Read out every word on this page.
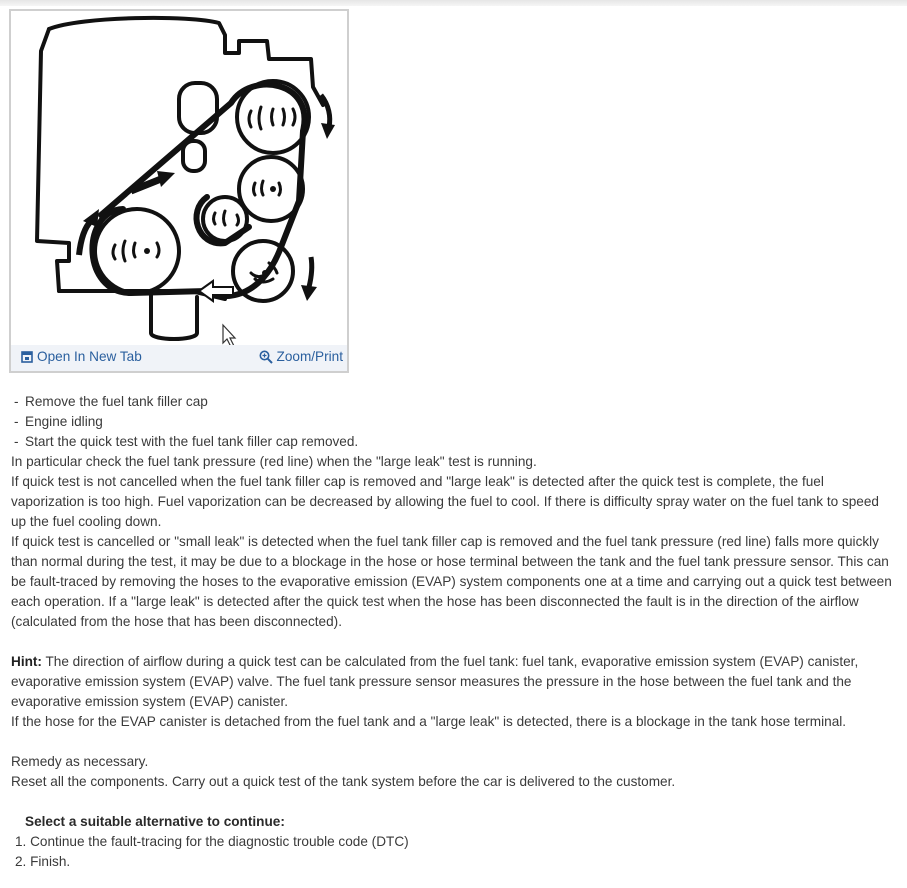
Open In New Tab	Zoom/Print
- Remove the fuel tank filler cap
- Engine idling
- Start the quick test with the fuel tank filler cap removed.

In particular check the fuel tank pressure (red line) when the "large leak" test is running.

If quick test is not cancelled when the fuel tank filler cap is removed and "large leak" is detected after the quick test is complete, the fuel vaporization is too high. Fuel vaporization can be decreased by allowing the fuel to cool. If there is difficulty spray water on the fuel tank to speed up the fuel cooling down.

If quick test is cancelled or "small leak" is detected when the fuel tank filler cap is removed and the fuel tank pressure (red line) falls more quickly than normal during the test, it may be due to a blockage in the hose or hose terminal between the tank and the fuel tank pressure sensor. This can be fault-traced by removing the hoses to the evaporative emission (EVAP) system components one at a time and carrying out a quick test between each operation. If a "large leak" is detected after the quick test when the hose has been disconnected the fault is in the direction of the airflow (calculated from the hose that has been disconnected).

Hint: The direction of airflow during a quick test can be calculated from the fuel tank: fuel tank, evaporative emission system (EVAP) canister, evaporative emission system (EVAP) valve. The fuel tank pressure sensor measures the pressure in the hose between the fuel tank and the evaporative emission system (EVAP) canister.

If the hose for the EVAP canister is detached from the fuel tank and a "large leak" is detected, there is a blockage in the tank hose terminal.

Remedy as necessary.

Reset all the components. Carry out a quick test of the tank system before the car is delivered to the customer.

Select a suitable alternative to continue:

1. Continue the fault-tracing for the diagnostic trouble code (DTC)
2. Finish.
